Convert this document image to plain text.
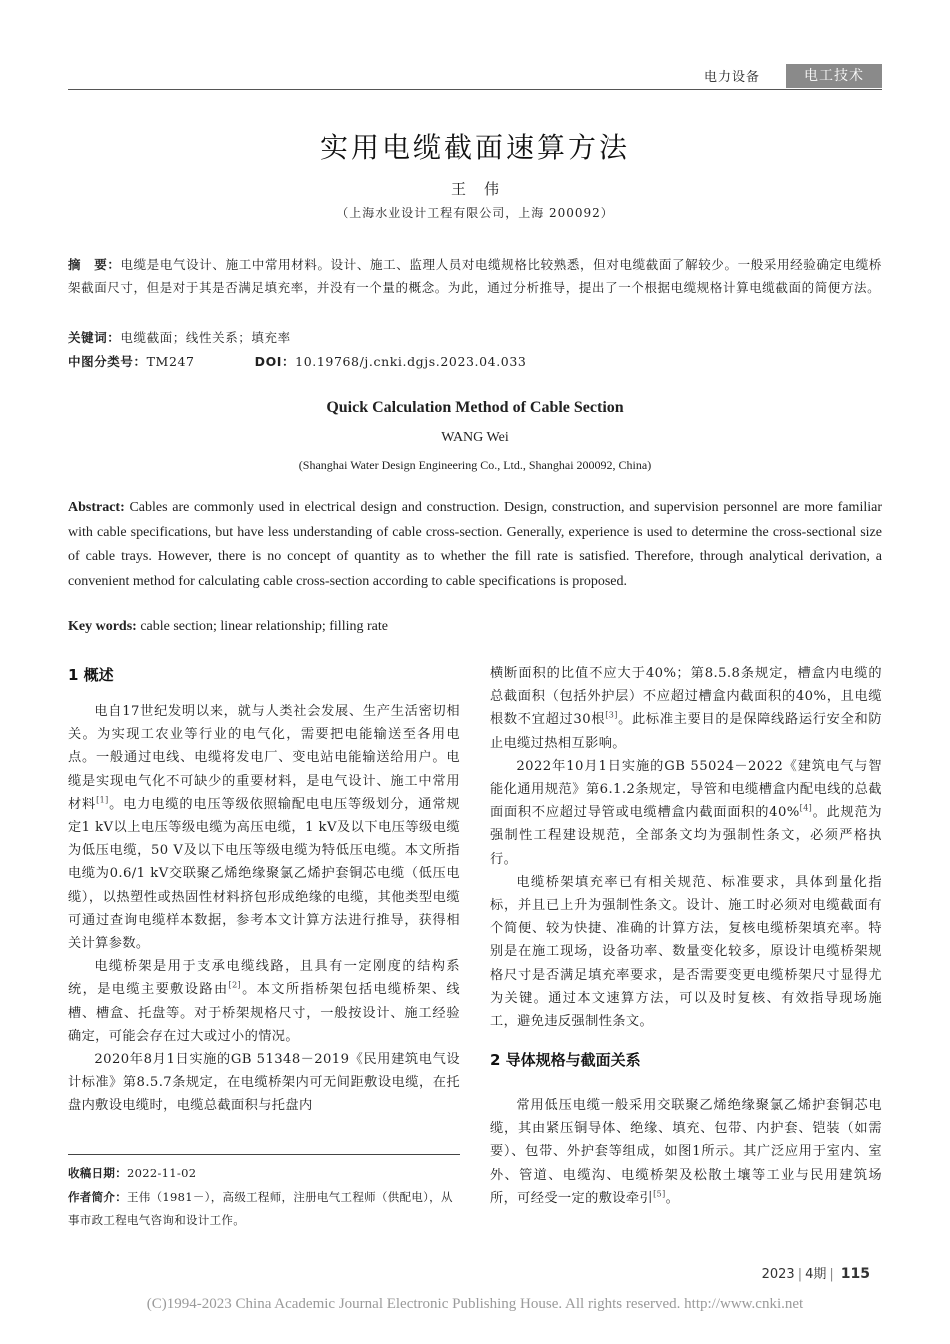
电力设备	电工技术
实用电缆截面速算方法
王伟
（上海水业设计工程有限公司，上海 200092）
摘　要：电缆是电气设计、施工中常用材料。设计、施工、监理人员对电缆规格比较熟悉，但对电缆截面了解较少。一般采用经验确定电缆桥架截面尺寸，但是对于其是否满足填充率，并没有一个量的概念。为此，通过分析推导，提出了一个根据电缆规格计算电缆截面的简便方法。
关键词：电缆截面；线性关系；填充率
中图分类号：TM247	DOI：10.19768/j.cnki.dgjs.2023.04.033
Quick Calculation Method of Cable Section
WANG Wei
(Shanghai Water Design Engineering Co., Ltd., Shanghai 200092, China)
Abstract: Cables are commonly used in electrical design and construction. Design, construction, and supervision personnel are more familiar with cable specifications, but have less understanding of cable cross-section. Generally, experience is used to determine the cross-sectional size of cable trays. However, there is no concept of quantity as to whether the fill rate is satisfied. Therefore, through analytical derivation, a convenient method for calculating cable cross-section according to cable specifications is proposed.
Key words: cable section; linear relationship; filling rate
1 概述

电自17世纪发明以来，就与人类社会发展、生产生活密切相关。为实现工农业等行业的电气化，需要把电能输送至各用电点。一般通过电线、电缆将发电厂、变电站电能输送给用户。电缆是实现电气化不可缺少的重要材料，是电气设计、施工中常用材料[1]。电力电缆的电压等级依照输配电电压等级划分，通常规定1 kV以上电压等级电缆为高压电缆，1 kV及以下电压等级电缆为低压电缆，50 V及以下电压等级电缆为特低压电缆。本文所指电缆为0.6/1 kV交联聚乙烯绝缘聚氯乙烯护套铜芯电缆（低压电缆），以热塑性或热固性材料挤包形成绝缘的电缆，其他类型电缆可通过查询电缆样本数据，参考本文计算方法进行推导，获得相关计算参数。

电缆桥架是用于支承电缆线路，且具有一定刚度的结构系统，是电缆主要敷设路由[2]。本文所指桥架包括电缆桥架、线槽、槽盒、托盘等。对于桥架规格尺寸，一般按设计、施工经验确定，可能会存在过大或过小的情况。

2020年8月1日实施的GB 51348－2019《民用建筑电气设计标准》第8.5.7条规定，在电缆桥架内可无间距敷设电缆，在托盘内敷设电缆时，电缆总截面积与托盘内

收稿日期：2022-11-02
作者简介：王伟（1981－），高级工程师，注册电气工程师（供配电），从事市政工程电气咨询和设计工作。

横断面积的比值不应大于40%；第8.5.8条规定，槽盒内电缆的总截面积（包括外护层）不应超过槽盒内截面积的40%，且电缆根数不宜超过30根[3]。此标准主要目的是保障线路运行安全和防止电缆过热相互影响。

2022年10月1日实施的GB 55024－2022《建筑电气与智能化通用规范》第6.1.2条规定，导管和电缆槽盒内配电线的总截面面积不应超过导管或电缆槽盒内截面面积的40%[4]。此规范为强制性工程建设规范，全部条文均为强制性条文，必须严格执行。

电缆桥架填充率已有相关规范、标准要求，具体到量化指标，并且已上升为强制性条文。设计、施工时必须对电缆截面有个简便、较为快捷、准确的计算方法，复核电缆桥架填充率。特别是在施工现场，设备功率、数量变化较多，原设计电缆桥架规格尺寸是否满足填充率要求，是否需要变更电缆桥架尺寸显得尤为关键。通过本文速算方法，可以及时复核、有效指导现场施工，避免违反强制性条文。

2 导体规格与截面关系

常用低压电缆一般采用交联聚乙烯绝缘聚氯乙烯护套铜芯电缆，其由紧压铜导体、绝缘、填充、包带、内护套、铠装（如需要）、包带、外护套等组成，如图1所示。其广泛应用于室内、室外、管道、电缆沟、电缆桥架及松散土壤等工业与民用建筑场所，可经受一定的敷设牵引[5]。

2023 | 4期 | 115
(C)1994-2023 China Academic Journal Electronic Publishing House. All rights reserved. http://www.cnki.net
